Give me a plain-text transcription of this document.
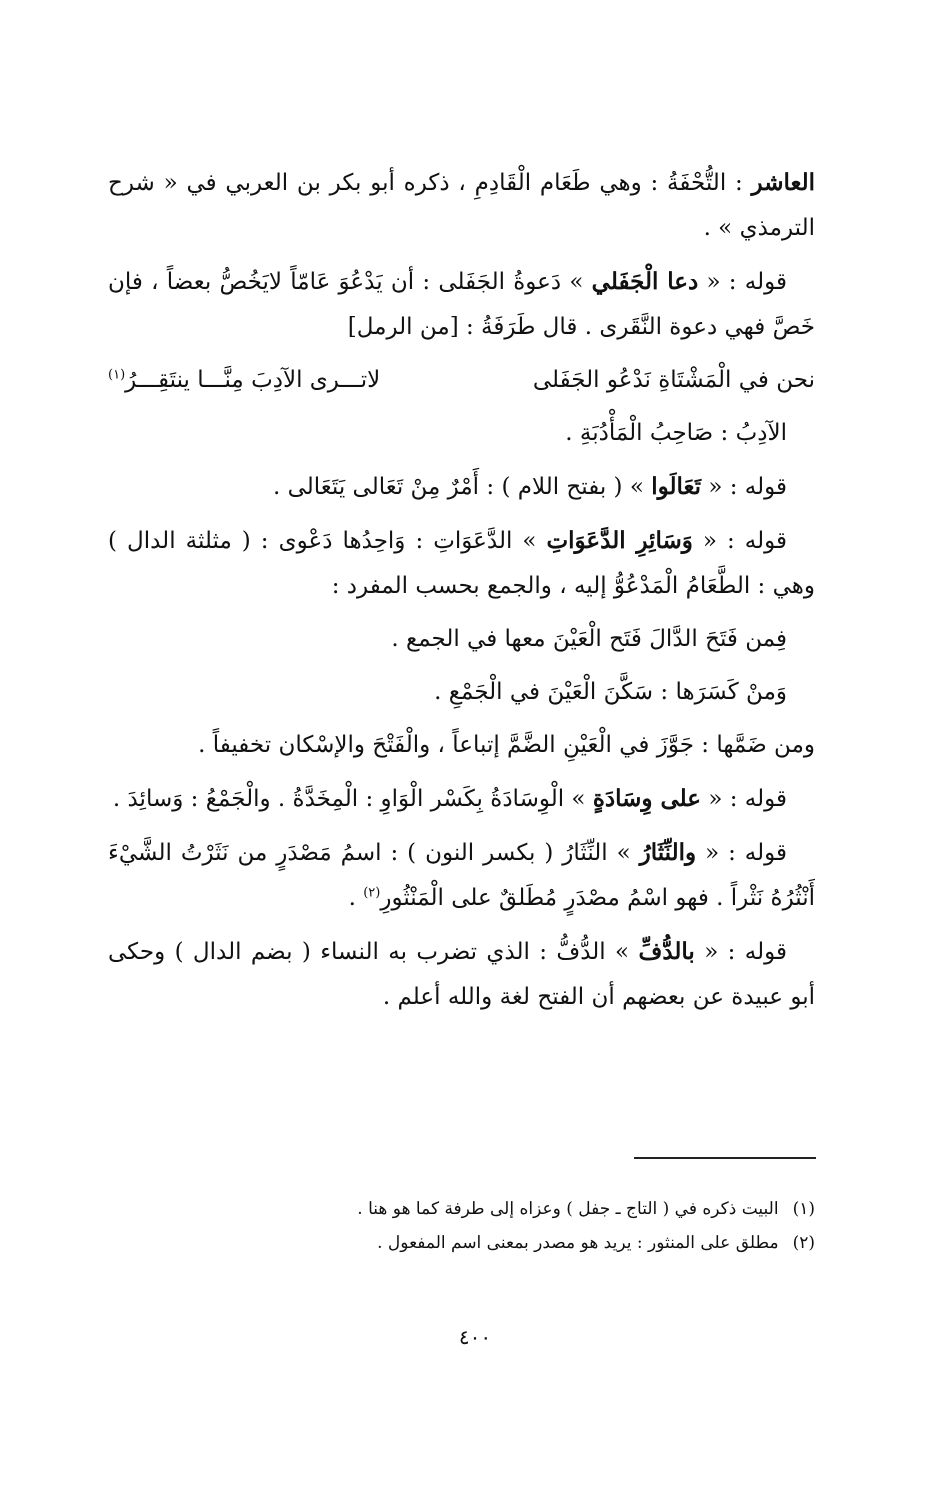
العاشر : التُّحْفَةُ : وهي طَعَام الْقَادِمِ ، ذكره أبو بكر بن العربي في « شرح الترمذي » .

قوله : « دعا الْجَفَلي » دَعوةُ الجَفَلى : أن يَدْعُوَ عَامّاً لايَخُصُّ بعضاً ، فإن خَصَّ فهي دعوة النَّقَرى . قال طَرَفَةُ : [من الرمل]

نحن في الْمَشْتَاةِ نَدْعُو الجَفَلى
لاتـــرى الآدِبَ مِنَّـــا ينتَقِـــرُ$^{(١)}$

الآدِبُ : صَاحِبُ الْمَأْدُبَةِ .

قوله : « تَعَالَوا » ( بفتح اللام ) : أَمْرٌ مِنْ تَعَالى يَتَعَالى .

قوله : « وَسَائِرِ الدَّعَوَاتِ » الدَّعَوَاتِ : وَاحِدُها دَعْوى : ( مثلثة الدال ) وهي : الطَّعَامُ الْمَدْعُوُّ إليه ، والجمع بحسب المفرد :

فِمن فَتَحَ الدَّالَ فَتَح الْعَيْنَ معها في الجمع .

وَمنْ كَسَرَها : سَكَّنَ الْعَيْنَ في الْجَمْعِ .

ومن ضَمَّها : جَوَّزَ في الْعَيْنِ الضَّمَّ إتباعاً ، والْفَتْحَ والإسْكان تخفيفاً .

قوله : « على وِسَادَةٍ » الْوِسَادَةُ بِكَسْر الْوَاوِ : الْمِخَدَّةُ . والْجَمْعُ : وَسائِدَ .

قوله : « والنِّثَارُ » النِّثَارُ ( بكسر النون ) : اسمُ مَصْدَرٍ من نَثَرْتُ الشَّيْءَ أَنْثُرُهُ نَثْراً . فهو اسْمُ مصْدَرٍ مُطَلقٌ على الْمَنْثُورِ$^{(٢)}$ .

قوله : « بالدُّفِّ » الدُّفُّ : الذي تضرب به النساء ( بضم الدال ) وحكى أبو عبيدة عن بعضهم أن الفتح لغة والله أعلم .

(١)البيت ذكره في ( التاج ـ جفل ) وعزاه إلى طرفة كما هو هنا .
(٢)مطلق على المنثور : يريد هو مصدر بمعنى اسم المفعول .
٤٠٠
